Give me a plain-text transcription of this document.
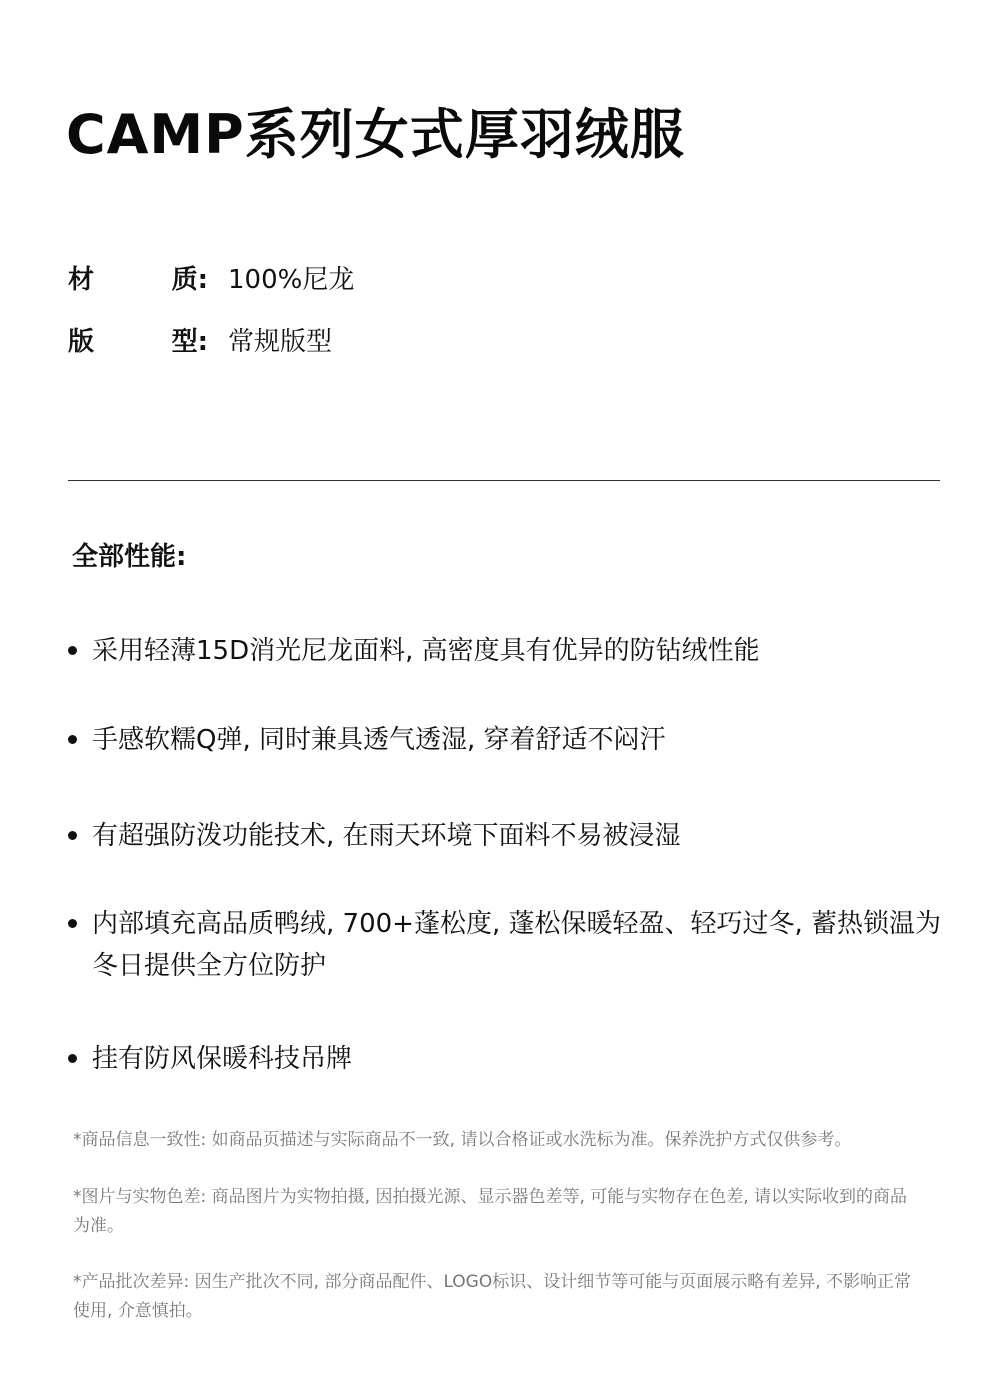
CAMP系列女式厚羽绒服
材	质: 100%尼龙
版	型: 常规版型
全部性能:
采用轻薄15D消光尼龙面料, 高密度具有优异的防钻绒性能
手感软糯Q弹, 同时兼具透气透湿, 穿着舒适不闷汗
有超强防泼功能技术, 在雨天环境下面料不易被浸湿
内部填充高品质鸭绒, 700+蓬松度, 蓬松保暖轻盈、轻巧过冬, 蓄热锁温为冬日提供全方位防护
挂有防风保暖科技吊牌
*商品信息一致性: 如商品页描述与实际商品不一致, 请以合格证或水洗标为准。保养洗护方式仅供参考。
*图片与实物色差: 商品图片为实物拍摄, 因拍摄光源、显示器色差等, 可能与实物存在色差, 请以实际收到的商品为准。
*产品批次差异: 因生产批次不同, 部分商品配件、LOGO标识、设计细节等可能与页面展示略有差异, 不影响正常使用, 介意慎拍。
